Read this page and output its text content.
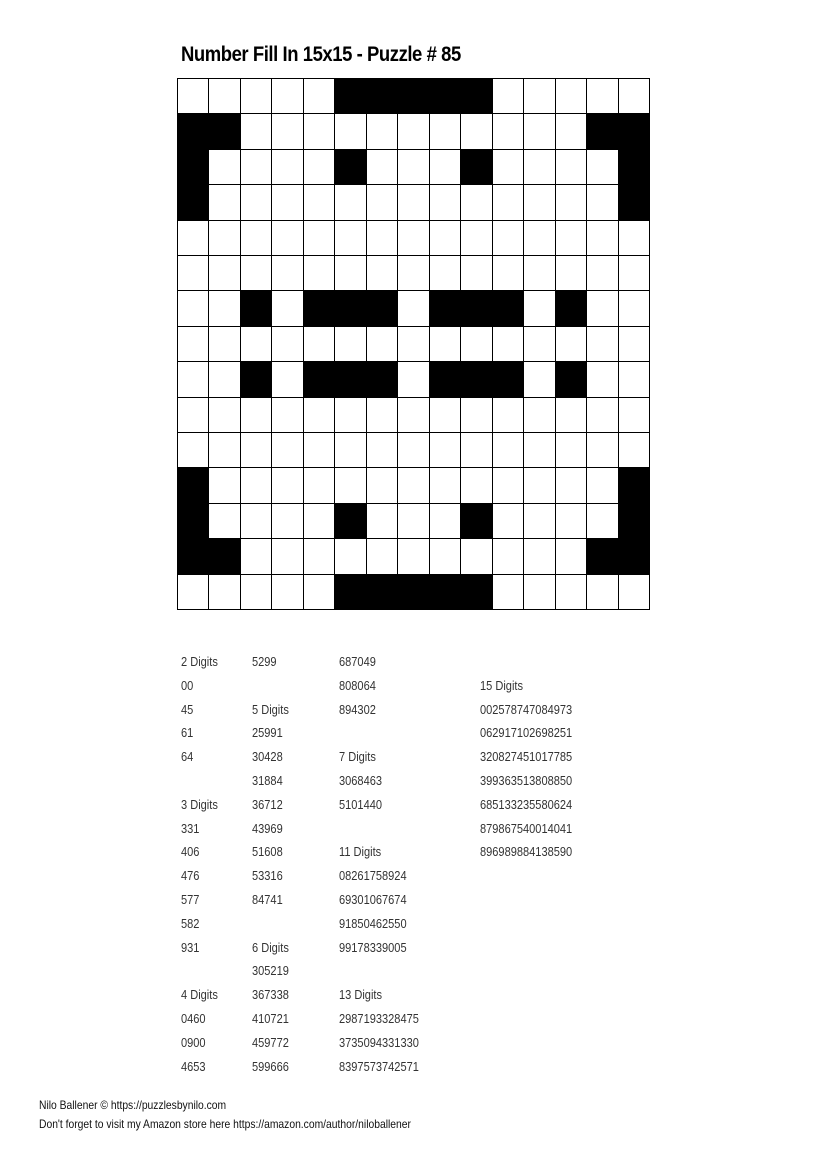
Number Fill In 15x15 - Puzzle # 85
2 Digits
00
45
61
64
3 Digits
331
406
476
577
582
931
4 Digits
0460
0900
4653
5299
5 Digits
25991
30428
31884
36712
43969
51608
53316
84741
6 Digits
305219
367338
410721
459772
599666
687049
808064
894302
7 Digits
3068463
5101440
11 Digits
08261758924
69301067674
91850462550
99178339005
13 Digits
2987193328475
3735094331330
8397573742571
15 Digits
002578747084973
062917102698251
320827451017785
399363513808850
685133235580624
879867540014041
896989884138590
Nilo Ballener © https://puzzlesbynilo.com
Don't forget to visit my Amazon store here https://amazon.com/author/niloballener
